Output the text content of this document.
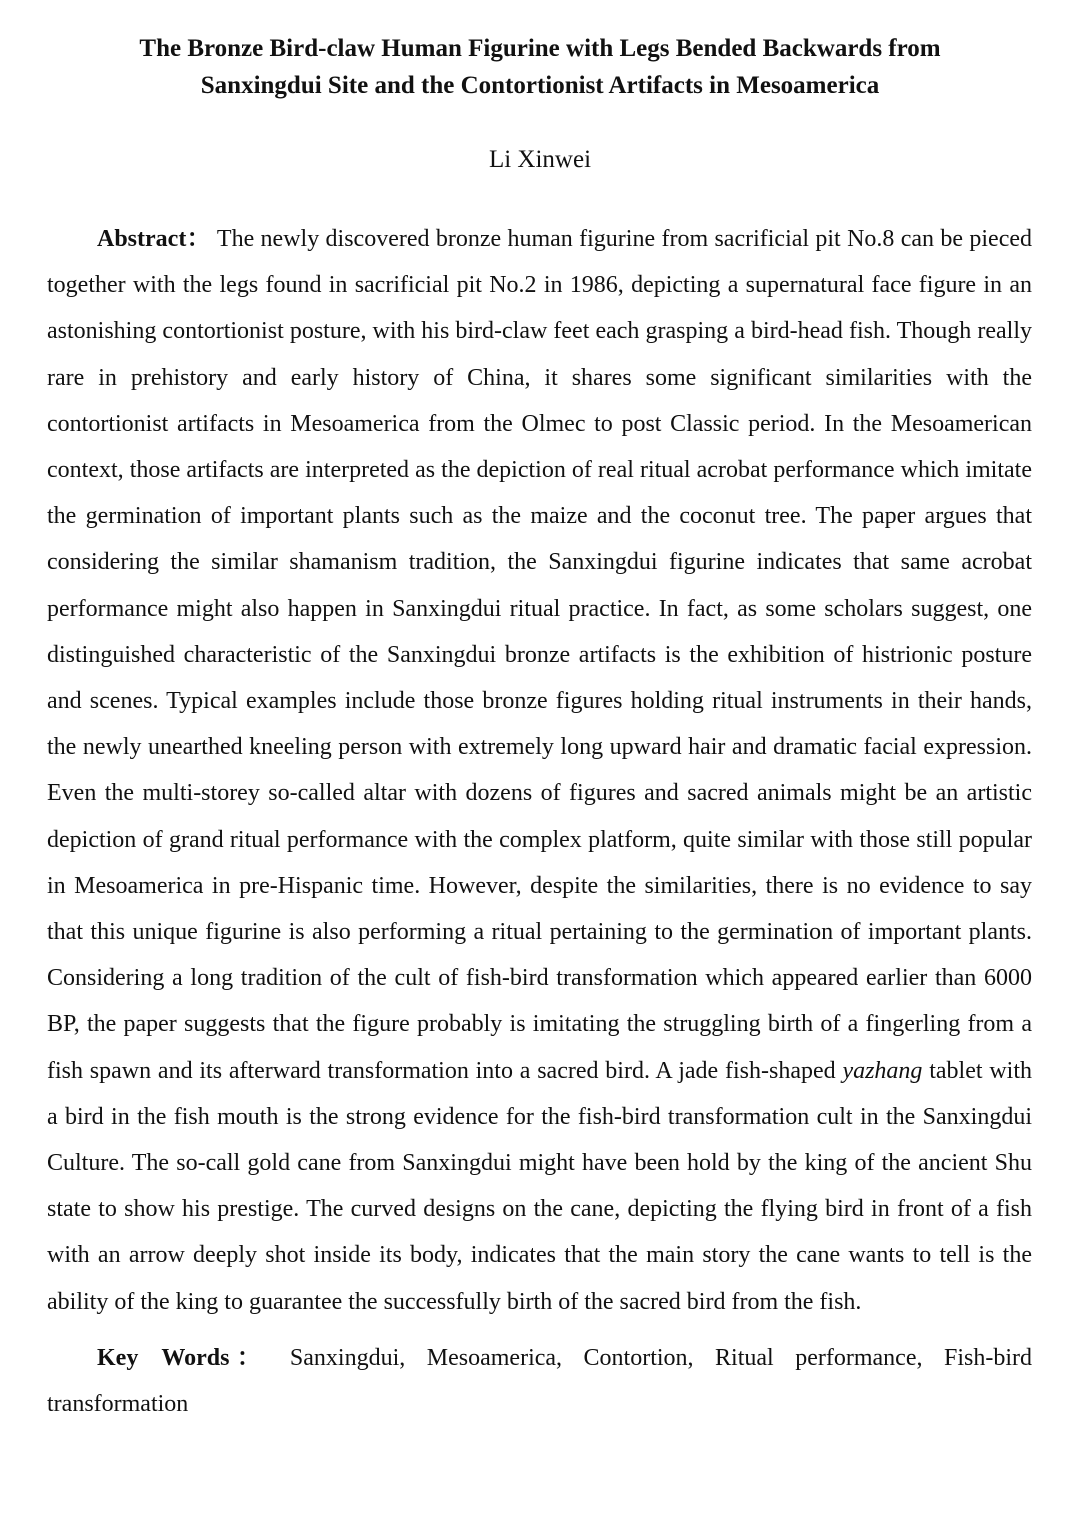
The Bronze Bird-claw Human Figurine with Legs Bended Backwards from
Sanxingdui Site and the Contortionist Artifacts in Mesoamerica

Li Xinwei

Abstract： The newly discovered bronze human figurine from sacrificial pit No.8 can be pieced together with the legs found in sacrificial pit No.2 in 1986, depicting a supernatural face figure in an astonishing contortionist posture, with his bird-claw feet each grasping a bird-head fish. Though really rare in prehistory and early history of China, it shares some significant similarities with the contortionist artifacts in Mesoamerica from the Olmec to post Classic period. In the Mesoamerican context, those artifacts are interpreted as the depiction of real ritual acrobat performance which imitate the germination of important plants such as the maize and the coconut tree. The paper argues that considering the similar shamanism tradition, the Sanxingdui figurine indicates that same acrobat performance might also happen in Sanxingdui ritual practice. In fact, as some scholars suggest, one distinguished characteristic of the Sanxingdui bronze artifacts is the exhibition of histrionic posture and scenes. Typical examples include those bronze figures holding ritual instruments in their hands, the newly unearthed kneeling person with extremely long upward hair and dramatic facial expression. Even the multi-storey so-called altar with dozens of figures and sacred animals might be an artistic depiction of grand ritual performance with the complex platform, quite similar with those still popular in Mesoamerica in pre-Hispanic time. However, despite the similarities, there is no evidence to say that this unique figurine is also performing a ritual pertaining to the germination of important plants. Considering a long tradition of the cult of fish-bird transformation which appeared earlier than 6000 BP, the paper suggests that the figure probably is imitating the struggling birth of a fingerling from a fish spawn and its afterward transformation into a sacred bird. A jade fish-shaped yazhang tablet with a bird in the fish mouth is the strong evidence for the fish-bird transformation cult in the Sanxingdui Culture. The so-call gold cane from Sanxingdui might have been hold by the king of the ancient Shu state to show his prestige. The curved designs on the cane, depicting the flying bird in front of a fish with an arrow deeply shot inside its body, indicates that the main story the cane wants to tell is the ability of the king to guarantee the successfully birth of the sacred bird from the fish.

Key Words： Sanxingdui, Mesoamerica, Contortion, Ritual performance, Fish-bird transformation
